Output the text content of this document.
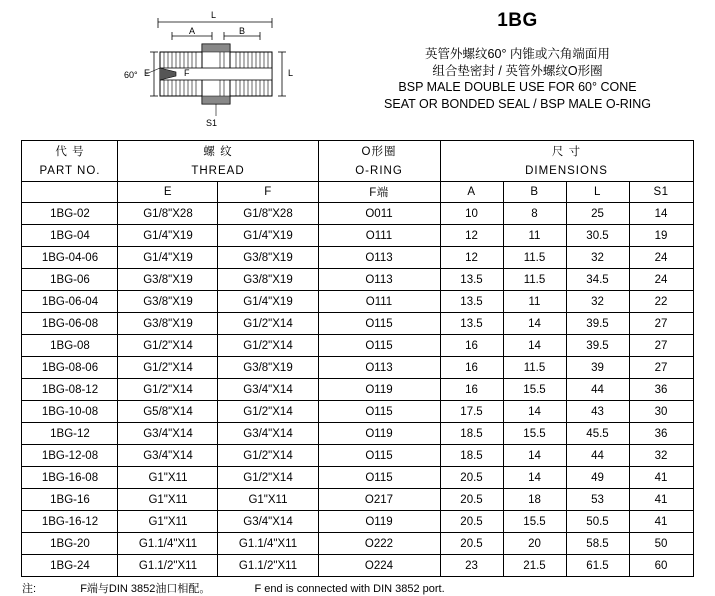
L
A	B
60° E	F	L
S1
1BG
英管外螺纹60° 内锥或六角端面用
组合垫密封 / 英管外螺纹O形圈
BSP MALE DOUBLE USE FOR 60° CONE
SEAT OR BONDED SEAL / BSP MALE O-RING
代 号	螺 纹		O形圈	尺 寸			
PART NO.	THREAD		O-RING	DIMENSIONS			
	E	F	F端	A	B	L	S1
1BG-02	G1/8"X28	G1/8"X28	O011	10	8	25	14
1BG-04	G1/4"X19	G1/4"X19	O111	12	11	30.5	19
1BG-04-06	G1/4"X19	G3/8"X19	O113	12	11.5	32	24
1BG-06	G3/8"X19	G3/8"X19	O113	13.5	11.5	34.5	24
1BG-06-04	G3/8"X19	G1/4"X19	O111	13.5	11	32	22
1BG-06-08	G3/8"X19	G1/2"X14	O115	13.5	14	39.5	27
1BG-08	G1/2"X14	G1/2"X14	O115	16	14	39.5	27
1BG-08-06	G1/2"X14	G3/8"X19	O113	16	11.5	39	27
1BG-08-12	G1/2"X14	G3/4"X14	O119	16	15.5	44	36
1BG-10-08	G5/8"X14	G1/2"X14	O115	17.5	14	43	30
1BG-12	G3/4"X14	G3/4"X14	O119	18.5	15.5	45.5	36
1BG-12-08	G3/4"X14	G1/2"X14	O115	18.5	14	44	32
1BG-16-08	G1"X11	G1/2"X14	O115	20.5	14	49	41
1BG-16	G1"X11	G1"X11	O217	20.5	18	53	41
1BG-16-12	G1"X11	G3/4"X14	O119	20.5	15.5	50.5	41
1BG-20	G1.1/4"X11	G1.1/4"X11	O222	20.5	20	58.5	50
1BG-24	G1.1/2"X11	G1.1/2"X11	O224	23	21.5	61.5	60
注:	F端与DIN 3852油口相配。	F end is connected with DIN 3852 port.
